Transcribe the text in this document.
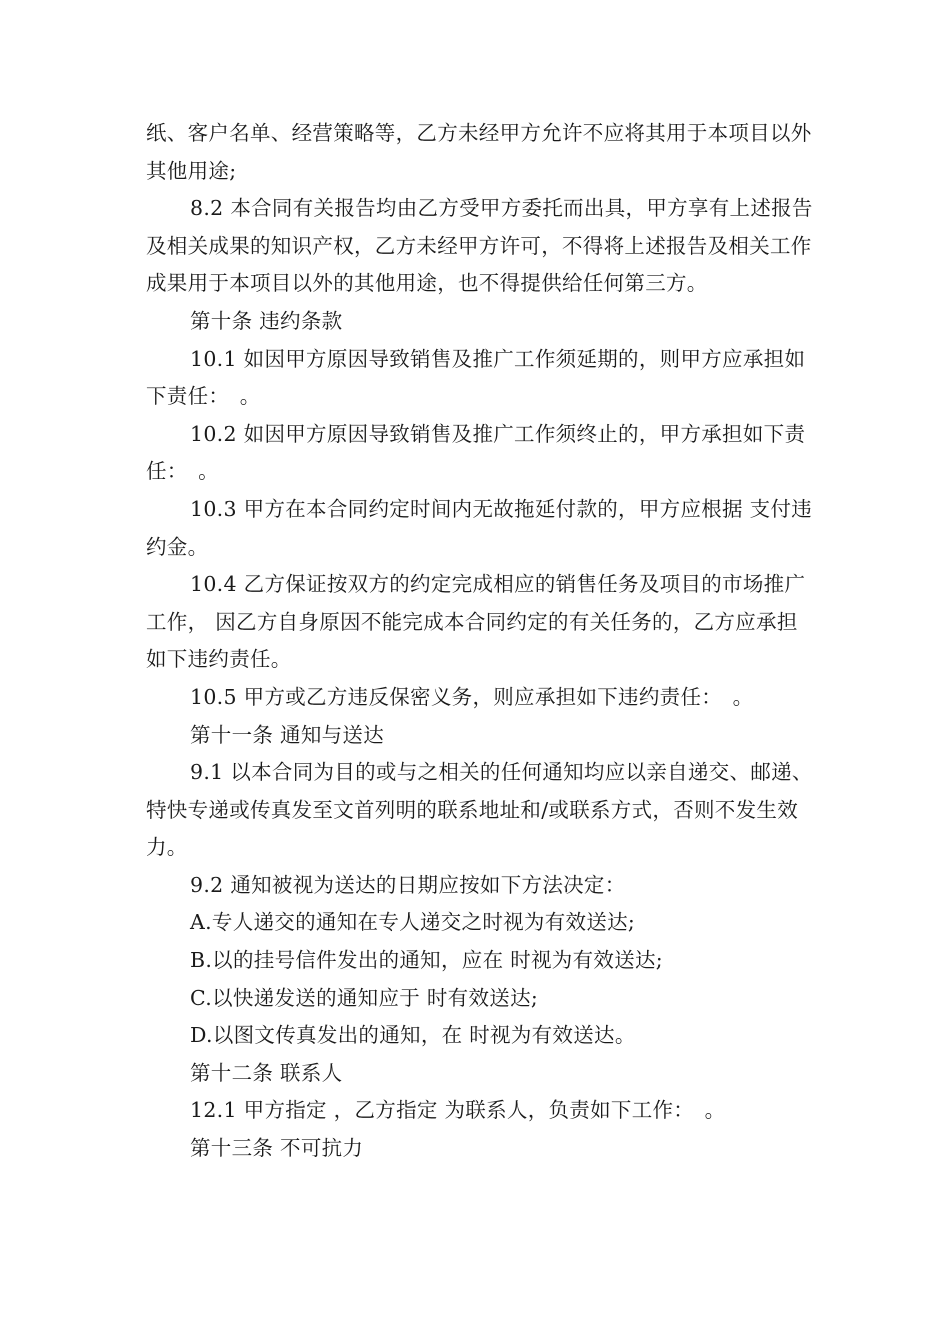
纸、客户名单、经营策略等，乙方未经甲方允许不应将其用于本项目以外其他用途;

8.2 本合同有关报告均由乙方受甲方委托而出具，甲方享有上述报告及相关成果的知识产权，乙方未经甲方许可，不得将上述报告及相关工作成果用于本项目以外的其他用途，也不得提供给任何第三方。

第十条 违约条款

10.1 如因甲方原因导致销售及推广工作须延期的，则甲方应承担如下责任：　。

10.2 如因甲方原因导致销售及推广工作须终止的，甲方承担如下责任：　。

10.3 甲方在本合同约定时间内无故拖延付款的，甲方应根据 支付违约金。

10.4 乙方保证按双方的约定完成相应的销售任务及项目的市场推广工作， 因乙方自身原因不能完成本合同约定的有关任务的，乙方应承担如下违约责任。

10.5 甲方或乙方违反保密义务，则应承担如下违约责任：　。

第十一条 通知与送达

9.1 以本合同为目的或与之相关的任何通知均应以亲自递交、邮递、特快专递或传真发至文首列明的联系地址和/或联系方式，否则不发生效力。

9.2 通知被视为送达的日期应按如下方法决定：

A.专人递交的通知在专人递交之时视为有效送达;

B.以的挂号信件发出的通知，应在 时视为有效送达;

C.以快递发送的通知应于 时有效送达;

D.以图文传真发出的通知，在 时视为有效送达。

第十二条 联系人

12.1 甲方指定 ，乙方指定 为联系人，负责如下工作：　。

第十三条 不可抗力
